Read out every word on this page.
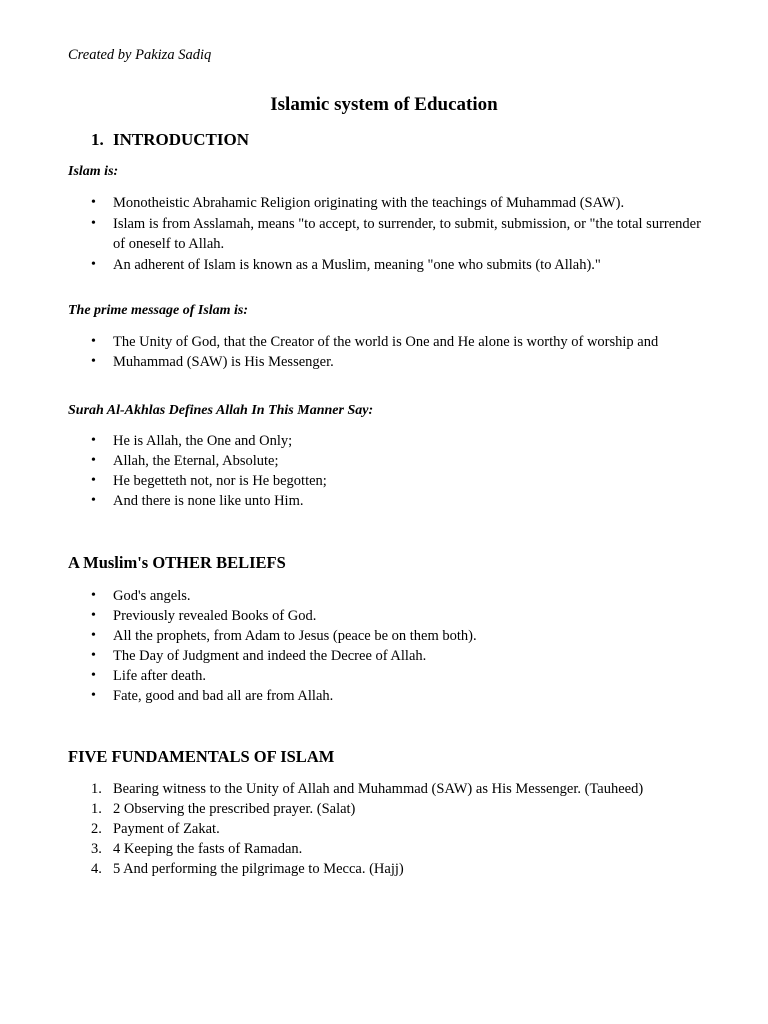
Created by Pakiza Sadiq

Islamic system of Education
1. INTRODUCTION

Islam is:

• Monotheistic Abrahamic Religion originating with the teachings of Muhammad (SAW).
• Islam is from Asslamah, means "to accept, to surrender, to submit, submission, or "the total surrender of oneself to Allah.
• An adherent of Islam is known as a Muslim, meaning "one who submits (to Allah)."

The prime message of Islam is:

• The Unity of God, that the Creator of the world is One and He alone is worthy of worship and
• Muhammad (SAW) is His Messenger.

Surah Al-Akhlas Defines Allah In This Manner Say:

• He is Allah, the One and Only;
• Allah, the Eternal, Absolute;
• He begetteth not, nor is He begotten;
• And there is none like unto Him.
A Muslim's OTHER BELIEFS
• God's angels.
• Previously revealed Books of God.
• All the prophets, from Adam to Jesus (peace be on them both).
• The Day of Judgment and indeed the Decree of Allah.
• Life after death.
• Fate, good and bad all are from Allah.
FIVE FUNDAMENTALS OF ISLAM
1. Bearing witness to the Unity of Allah and Muhammad (SAW) as His Messenger. (Tauheed)
1. 2 Observing the prescribed prayer. (Salat)
2. Payment of Zakat.
3. 4 Keeping the fasts of Ramadan.
4. 5 And performing the pilgrimage to Mecca. (Hajj)
